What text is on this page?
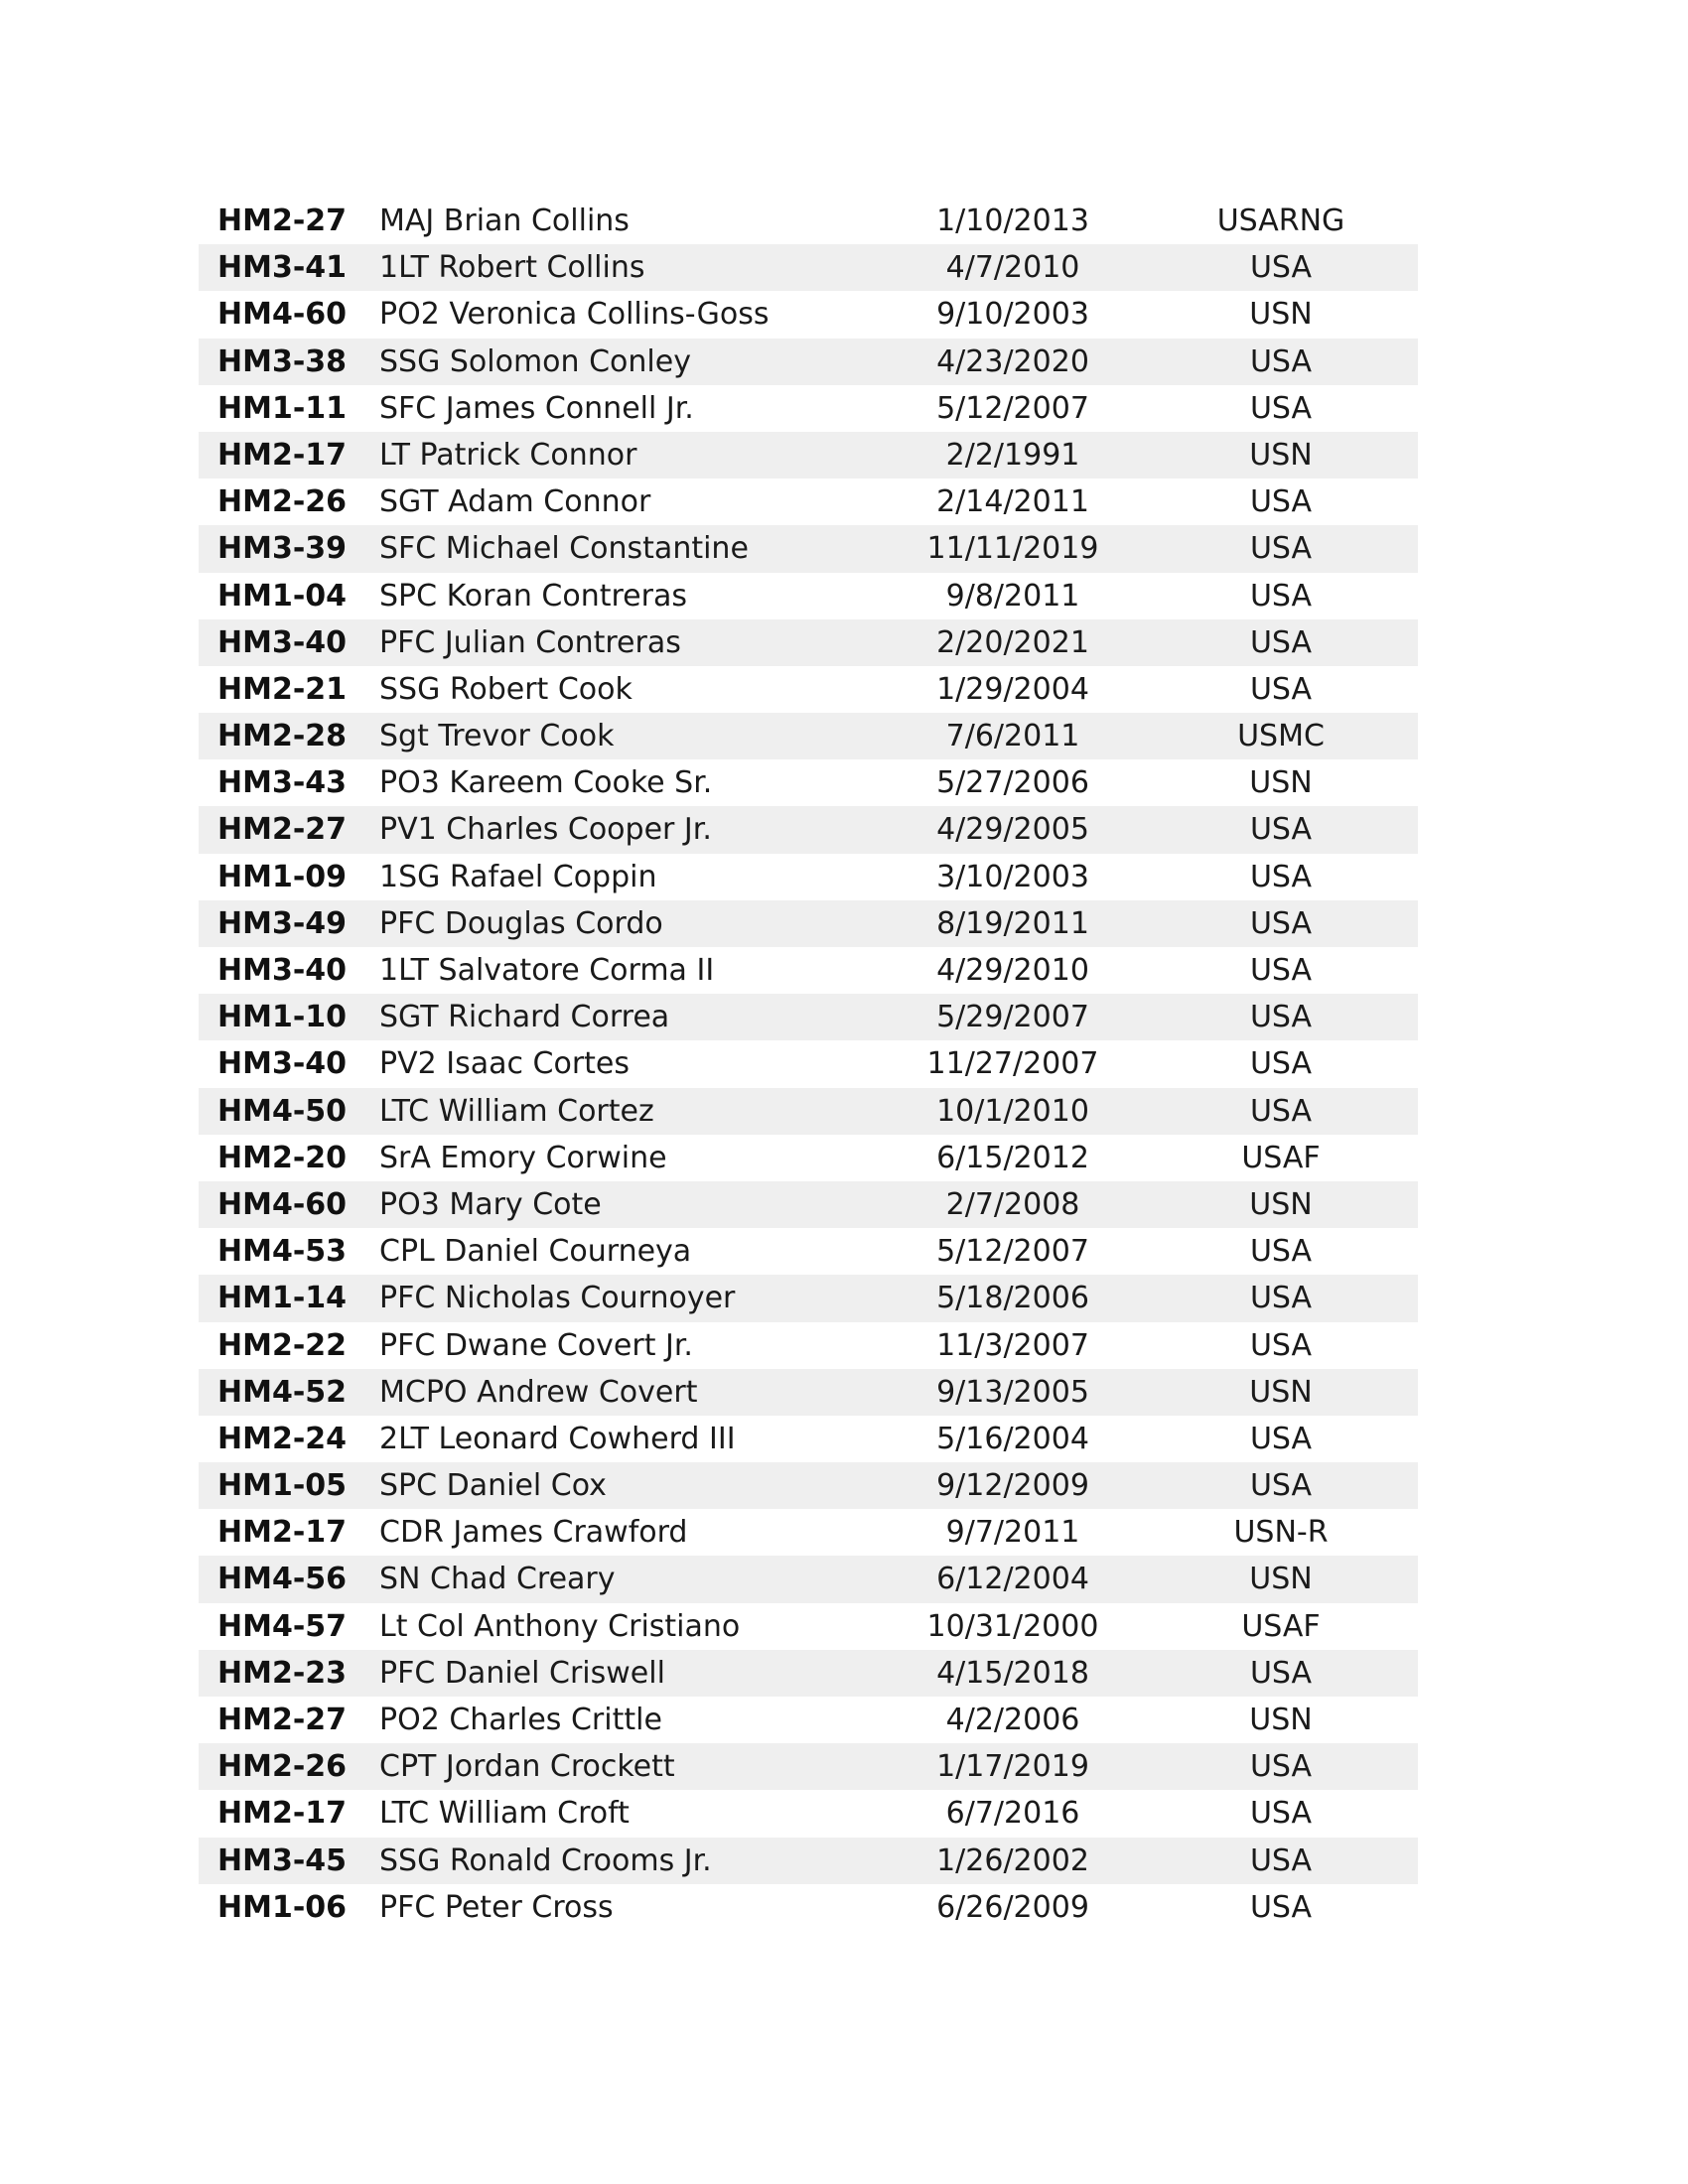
HM2-27 MAJ Brian Collins	1/10/2013	USARNG
HM3-41 1LT Robert Collins	4/7/2010	USA
HM4-60 PO2 Veronica Collins-Goss	9/10/2003	USN
HM3-38 SSG Solomon Conley	4/23/2020	USA
HM1-11 SFC James Connell Jr.	5/12/2007	USA
HM2-17 LT Patrick Connor	2/2/1991	USN
HM2-26 SGT Adam Connor	2/14/2011	USA
HM3-39 SFC Michael Constantine	11/11/2019	USA
HM1-04 SPC Koran Contreras	9/8/2011	USA
HM3-40 PFC Julian Contreras	2/20/2021	USA
HM2-21 SSG Robert Cook	1/29/2004	USA
HM2-28 Sgt Trevor Cook	7/6/2011	USMC
HM3-43 PO3 Kareem Cooke Sr.	5/27/2006	USN
HM2-27 PV1 Charles Cooper Jr.	4/29/2005	USA
HM1-09 1SG Rafael Coppin	3/10/2003	USA
HM3-49 PFC Douglas Cordo	8/19/2011	USA
HM3-40 1LT Salvatore Corma II	4/29/2010	USA
HM1-10 SGT Richard Correa	5/29/2007	USA
HM3-40 PV2 Isaac Cortes	11/27/2007	USA
HM4-50 LTC William Cortez	10/1/2010	USA
HM2-20 SrA Emory Corwine	6/15/2012	USAF
HM4-60 PO3 Mary Cote	2/7/2008	USN
HM4-53 CPL Daniel Courneya	5/12/2007	USA
HM1-14 PFC Nicholas Cournoyer	5/18/2006	USA
HM2-22 PFC Dwane Covert Jr.	11/3/2007	USA
HM4-52 MCPO Andrew Covert	9/13/2005	USN
HM2-24 2LT Leonard Cowherd III	5/16/2004	USA
HM1-05 SPC Daniel Cox	9/12/2009	USA
HM2-17 CDR James Crawford	9/7/2011	USN-R
HM4-56 SN Chad Creary	6/12/2004	USN
HM4-57 Lt Col Anthony Cristiano	10/31/2000	USAF
HM2-23 PFC Daniel Criswell	4/15/2018	USA
HM2-27 PO2 Charles Crittle	4/2/2006	USN
HM2-26 CPT Jordan Crockett	1/17/2019	USA
HM2-17 LTC William Croft	6/7/2016	USA
HM3-45 SSG Ronald Crooms Jr.	1/26/2002	USA
HM1-06 PFC Peter Cross	6/26/2009	USA
